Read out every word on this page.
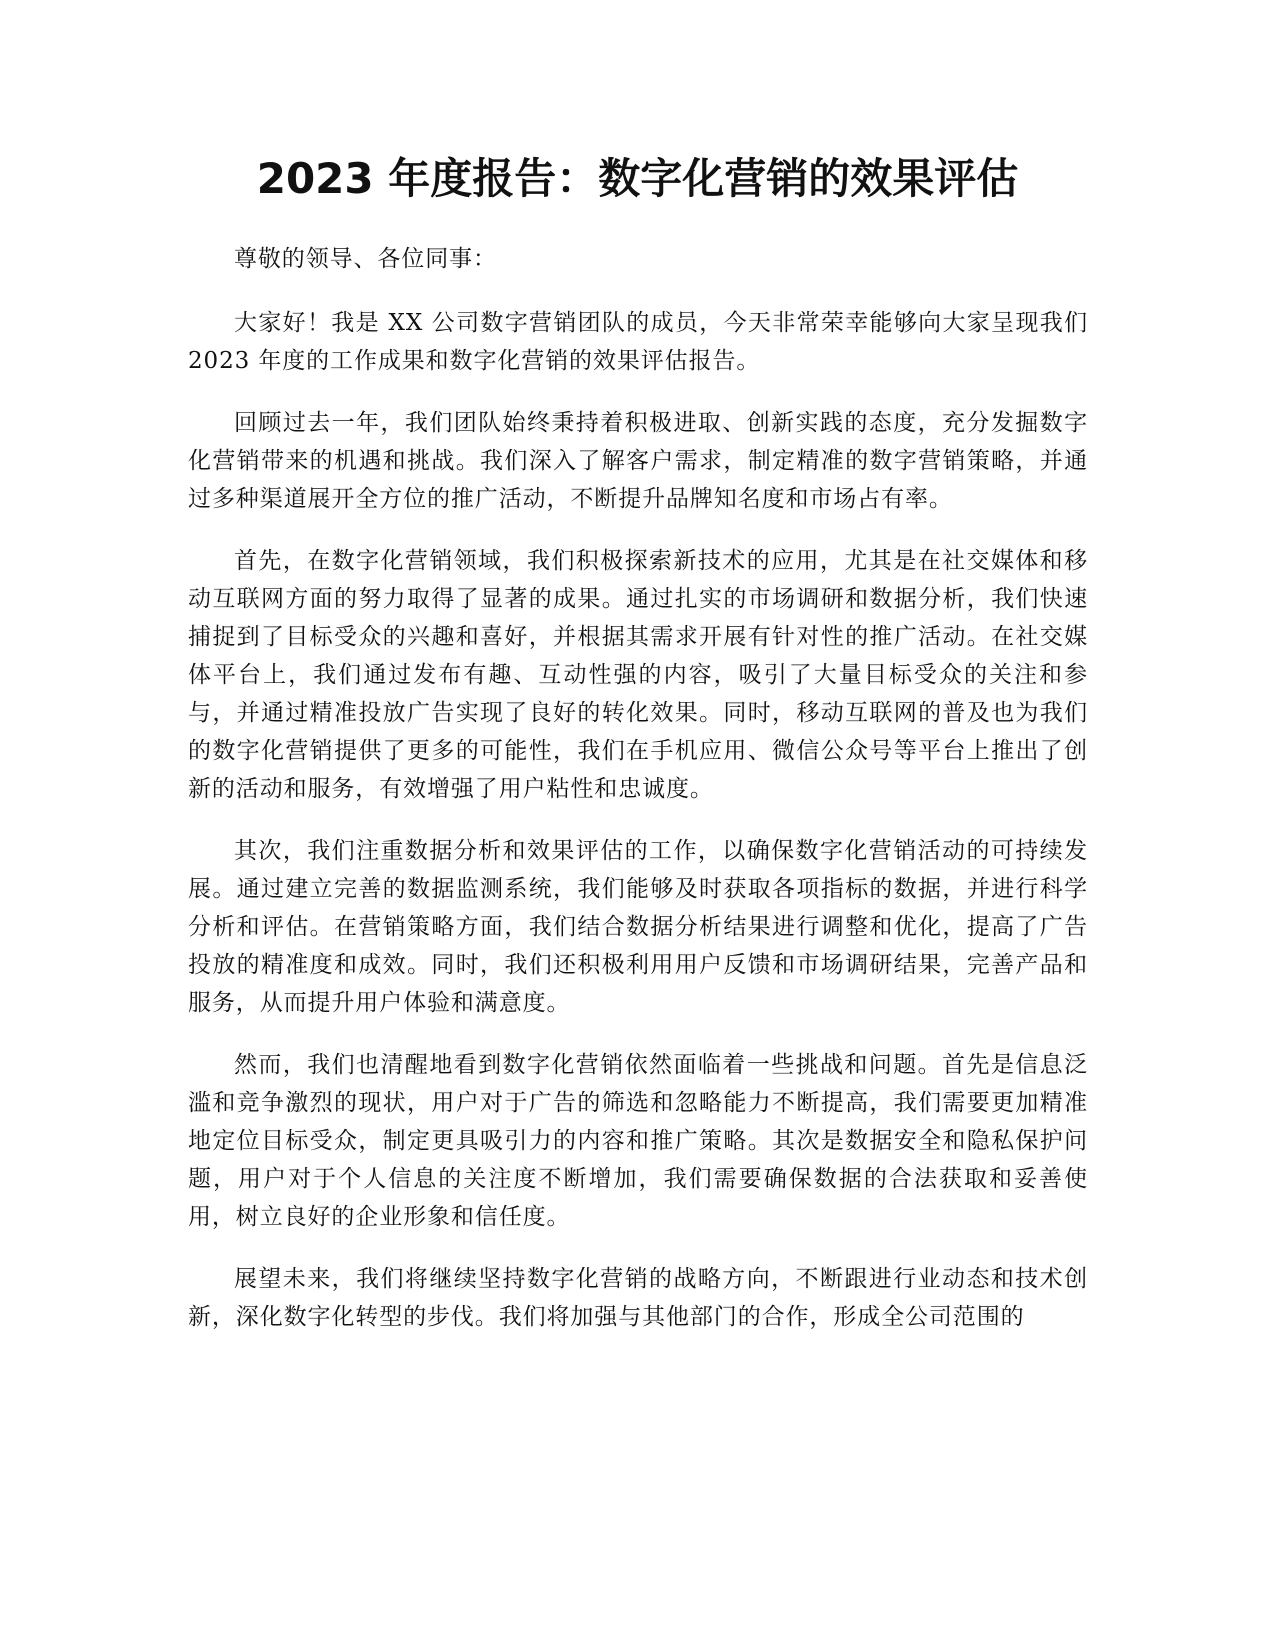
2023 年度报告：数字化营销的效果评估

尊敬的领导、各位同事：

大家好！我是 XX 公司数字营销团队的成员，今天非常荣幸能够向大家呈现我们 2023 年度的工作成果和数字化营销的效果评估报告。

回顾过去一年，我们团队始终秉持着积极进取、创新实践的态度，充分发掘数字化营销带来的机遇和挑战。我们深入了解客户需求，制定精准的数字营销策略，并通过多种渠道展开全方位的推广活动，不断提升品牌知名度和市场占有率。

首先，在数字化营销领域，我们积极探索新技术的应用，尤其是在社交媒体和移动互联网方面的努力取得了显著的成果。通过扎实的市场调研和数据分析，我们快速捕捉到了目标受众的兴趣和喜好，并根据其需求开展有针对性的推广活动。在社交媒体平台上，我们通过发布有趣、互动性强的内容，吸引了大量目标受众的关注和参与，并通过精准投放广告实现了良好的转化效果。同时，移动互联网的普及也为我们的数字化营销提供了更多的可能性，我们在手机应用、微信公众号等平台上推出了创新的活动和服务，有效增强了用户粘性和忠诚度。

其次，我们注重数据分析和效果评估的工作，以确保数字化营销活动的可持续发展。通过建立完善的数据监测系统，我们能够及时获取各项指标的数据，并进行科学分析和评估。在营销策略方面，我们结合数据分析结果进行调整和优化，提高了广告投放的精准度和成效。同时，我们还积极利用用户反馈和市场调研结果，完善产品和服务，从而提升用户体验和满意度。

然而，我们也清醒地看到数字化营销依然面临着一些挑战和问题。首先是信息泛滥和竞争激烈的现状，用户对于广告的筛选和忽略能力不断提高，我们需要更加精准地定位目标受众，制定更具吸引力的内容和推广策略。其次是数据安全和隐私保护问题，用户对于个人信息的关注度不断增加，我们需要确保数据的合法获取和妥善使用，树立良好的企业形象和信任度。

展望未来，我们将继续坚持数字化营销的战略方向，不断跟进行业动态和技术创新，深化数字化转型的步伐。我们将加强与其他部门的合作，形成全公司范围的
